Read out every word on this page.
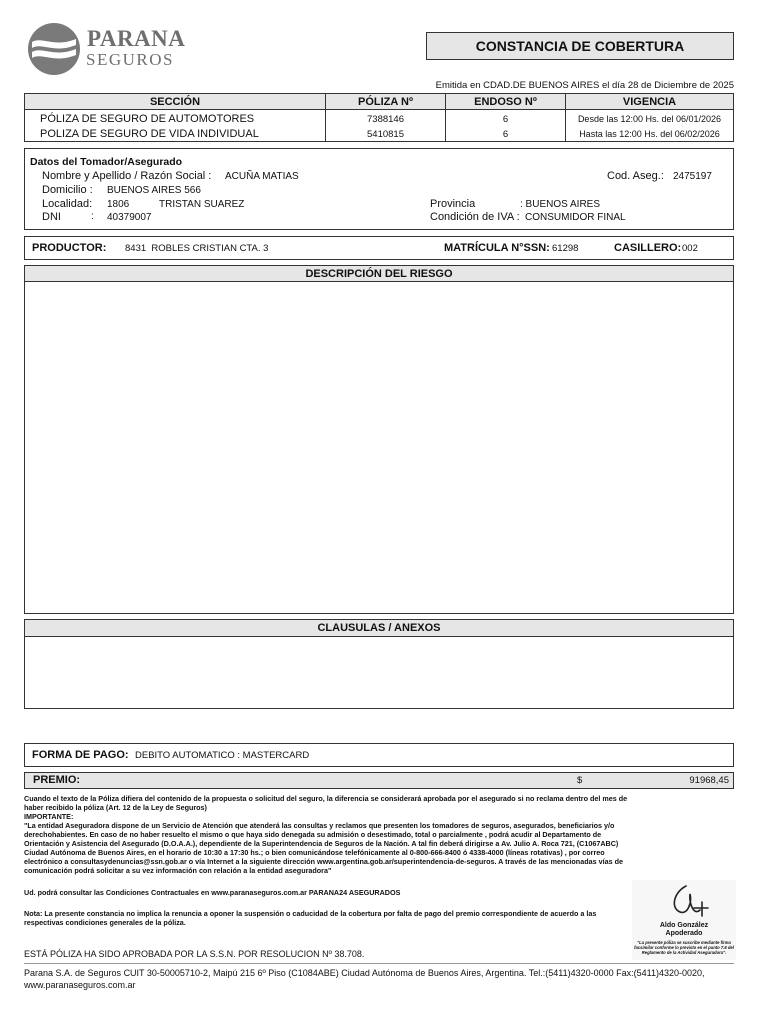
PARANA
SEGUROS
CONSTANCIA DE COBERTURA
Emitida en CDAD.DE BUENOS AIRES el día 28 de Diciembre de 2025
SECCIÓN	PÓLIZA Nº	ENDOSO Nº	VIGENCIA
PÓLIZA DE SEGURO DE AUTOMOTORES	7388146	6	Desde las 12:00 Hs. del 06/01/2026
POLIZA DE SEGURO DE VIDA INDIVIDUAL	5410815	6	Hasta las 12:00 Hs. del 06/02/2026
Datos del Tomador/Asegurado
Nombre y Apellido / Razón Social : ACUÑA MATIAS	Cod. Aseg.: 2475197
Domicilio : BUENOS AIRES 566
Localidad: 1806	TRISTAN SUAREZ	Provincia	: BUENOS AIRES
DNI	: 40379007	Condición de IVA : CONSUMIDOR FINAL
PRODUCTOR: 8431  ROBLES CRISTIAN CTA. 3	MATRÍCULA N°SSN: 61298	CASILLERO: 002
DESCRIPCIÓN DEL RIESGO
CLAUSULAS / ANEXOS
FORMA DE PAGO: DEBITO AUTOMATICO : MASTERCARD
PREMIO:	$	91968,45
Cuando el texto de la Póliza difiera del contenido de la propuesta o solicitud del seguro, la diferencia se considerará aprobada por el asegurado si no reclama dentro del mes de haber recibido la póliza (Art. 12 de la Ley de Seguros)
IMPORTANTE:
"La entidad Aseguradora dispone de un Servicio de Atención que atenderá las consultas y reclamos que presenten los tomadores de seguros, asegurados, beneficiarios y/o derechohabientes. En caso de no haber resuelto el mismo o que haya sido denegada su admisión o desestimado, total o parcialmente , podrá acudir al Departamento de Orientación y Asistencia del Asegurado (D.O.A.A.), dependiente de la Superintendencia de Seguros de la Nación. A tal fin deberá dirigirse a Av. Julio A. Roca 721, (C1067ABC) Ciudad Autónoma de Buenos Aires, en el horario de 10:30 a 17:30 hs.; o bien comunicándose telefónicamente al 0-800-666-8400 ó 4338-4000 (líneas rotativas) , por correo electrónico a consultasydenuncias@ssn.gob.ar o vía Internet a la siguiente dirección www.argentina.gob.ar/superintendencia-de-seguros. A través de las mencionadas vías de comunicación podrá solicitar a su vez información con relación a la entidad aseguradora"
Ud. podrá consultar las Condiciones Contractuales en www.paranaseguros.com.ar PARANA24 ASEGURADOS
Nota: La presente constancia no implica la renuncia a oponer la suspensión o caducidad de la cobertura por falta de pago del premio correspondiente de acuerdo a las respectivas condiciones generales de la póliza.	Aldo González
Apoderado
"La presente póliza se suscribe mediante firma facsimilar conforme lo previsto en el punto 7.8 del Reglamento de la Actividad Aseguradora".
ESTÁ PÓLIZA HA SIDO APROBADA POR LA S.S.N. POR RESOLUCION Nº 38.708.
Parana S.A. de Seguros CUIT 30-50005710-2, Maipú 215 6º Piso (C1084ABE) Ciudad Autónoma de Buenos Aires, Argentina. Tel.:(5411)4320-0000 Fax:(5411)4320-0020,
www.paranaseguros.com.ar
